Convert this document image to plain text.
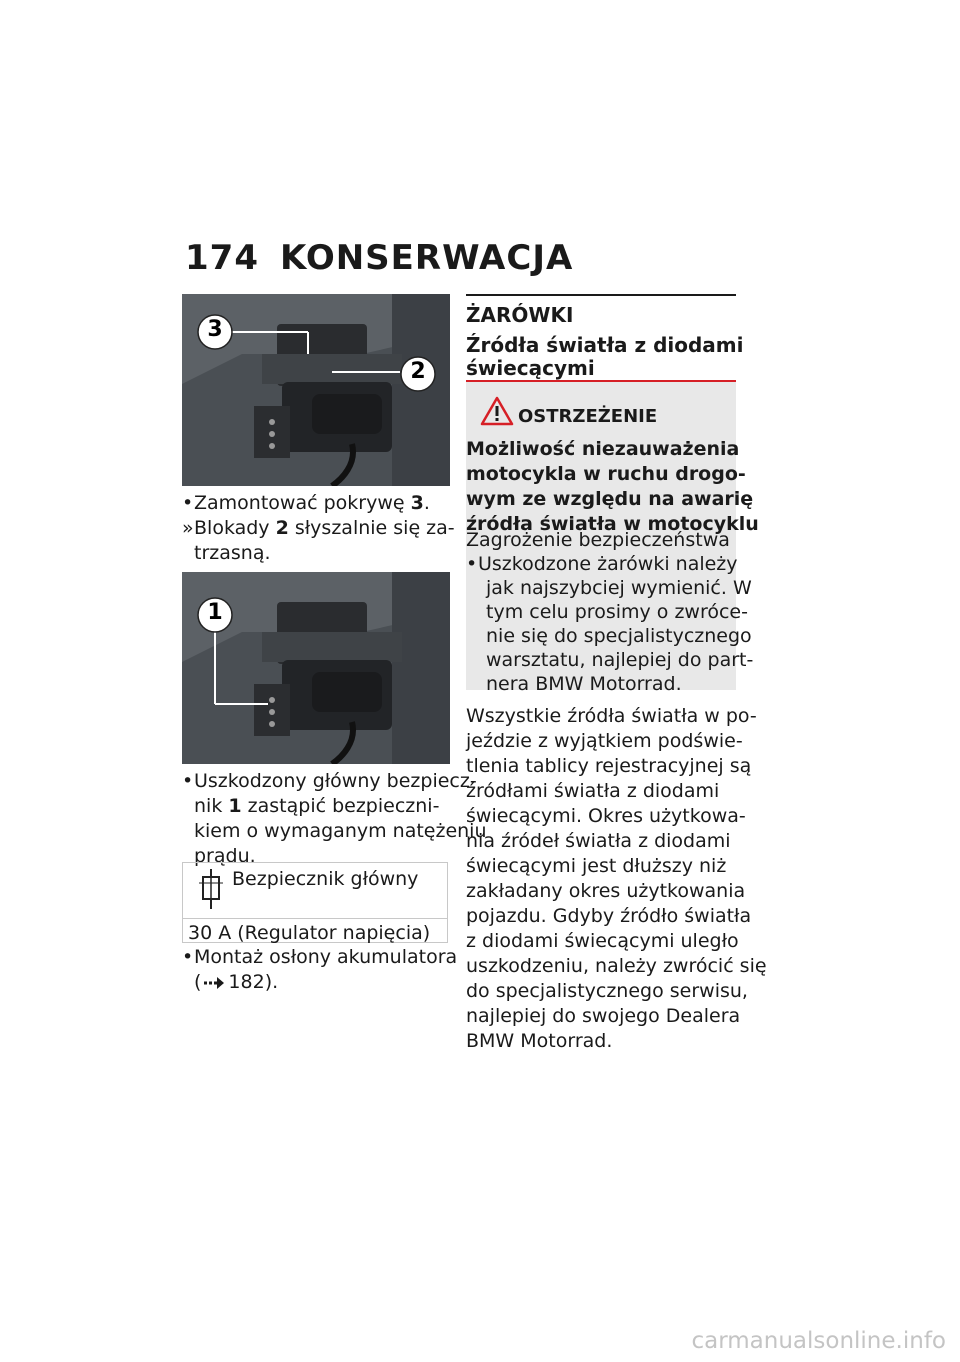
174 KONSERWACJA
3
2
• Zamontować pokrywę 3.
» Blokady 2 słyszalnie się za-
trzasną.
1
• Uszkodzony główny bezpiecz-
nik 1 zastąpić bezpieczni-
kiem o wymaganym natężeniu
prądu.
Bezpiecznik główny
30 A (Regulator napięcia)
• Montaż osłony akumulatora
( 182).
ŻARÓWKI
Źródła światła z diodami
świecącymi
OSTRZEŻENIE
Możliwość niezauważenia
motocykla w ruchu drogo-
wym ze względu na awarię
źródła światła w motocyklu
Zagrożenie bezpieczeństwa
• Uszkodzone żarówki należy
jak najszybciej wymienić. W
tym celu prosimy o zwróce-
nie się do specjalistycznego
warsztatu, najlepiej do part-
nera BMW Motorrad.
Wszystkie źródła światła w po-
jeździe z wyjątkiem podświe-
tlenia tablicy rejestracyjnej są
źródłami światła z diodami
świecącymi. Okres użytkowa-
nia źródeł światła z diodami
świecącymi jest dłuższy niż
zakładany okres użytkowania
pojazdu. Gdyby źródło światła
z diodami świecącymi uległo
uszkodzeniu, należy zwrócić się
do specjalistycznego serwisu,
najlepiej do swojego Dealera
BMW Motorrad.
carmanualsonline.info
